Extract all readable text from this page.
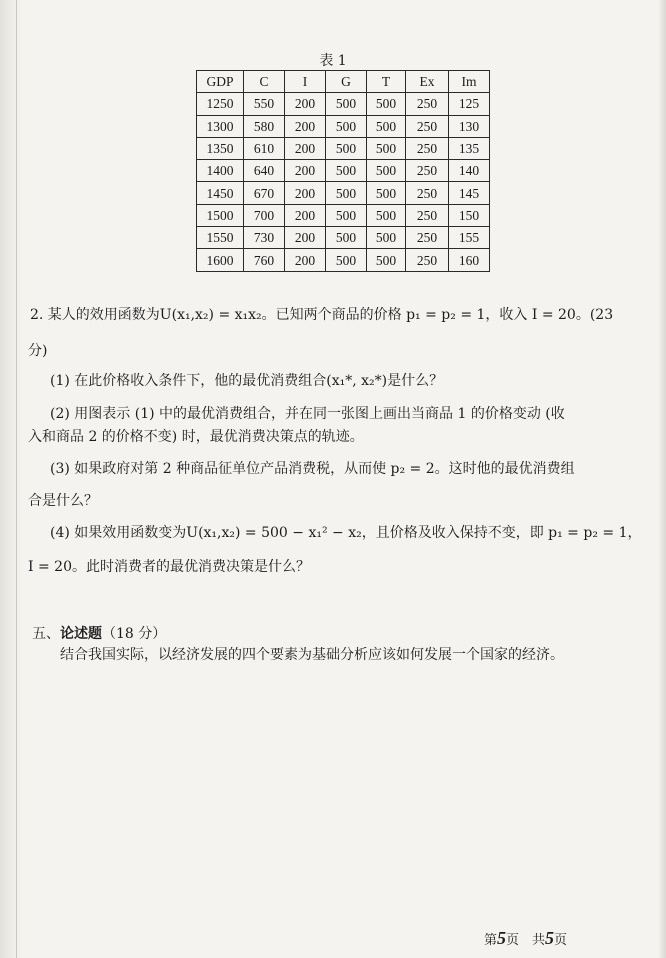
表 1
GDP	C	I	G	T	Ex	Im
1250	550	200	500	500	250	125
1300	580	200	500	500	250	130
1350	610	200	500	500	250	135
1400	640	200	500	500	250	140
1450	670	200	500	500	250	145
1500	700	200	500	500	250	150
1550	730	200	500	500	250	155
1600	760	200	500	500	250	160
2. 某人的效用函数为U(x₁,x₂) = x₁x₂。已知两个商品的价格 p₁ = p₂ = 1，收入 I = 20。(23
分)
(1) 在此价格收入条件下，他的最优消费组合(x₁*, x₂*)是什么？
(2) 用图表示 (1) 中的最优消费组合，并在同一张图上画出当商品 1 的价格变动 (收
入和商品 2 的价格不变) 时，最优消费决策点的轨迹。
(3) 如果政府对第 2 种商品征单位产品消费税，从而使 p₂ = 2。这时他的最优消费组
合是什么？
(4) 如果效用函数变为U(x₁,x₂) = 500 − x₁² − x₂，且价格及收入保持不变，即 p₁ = p₂ = 1，
I = 20。此时消费者的最优消费决策是什么？
五、论述题（18 分）
结合我国实际，以经济发展的四个要素为基础分析应该如何发展一个国家的经济。
第5页　共5页
